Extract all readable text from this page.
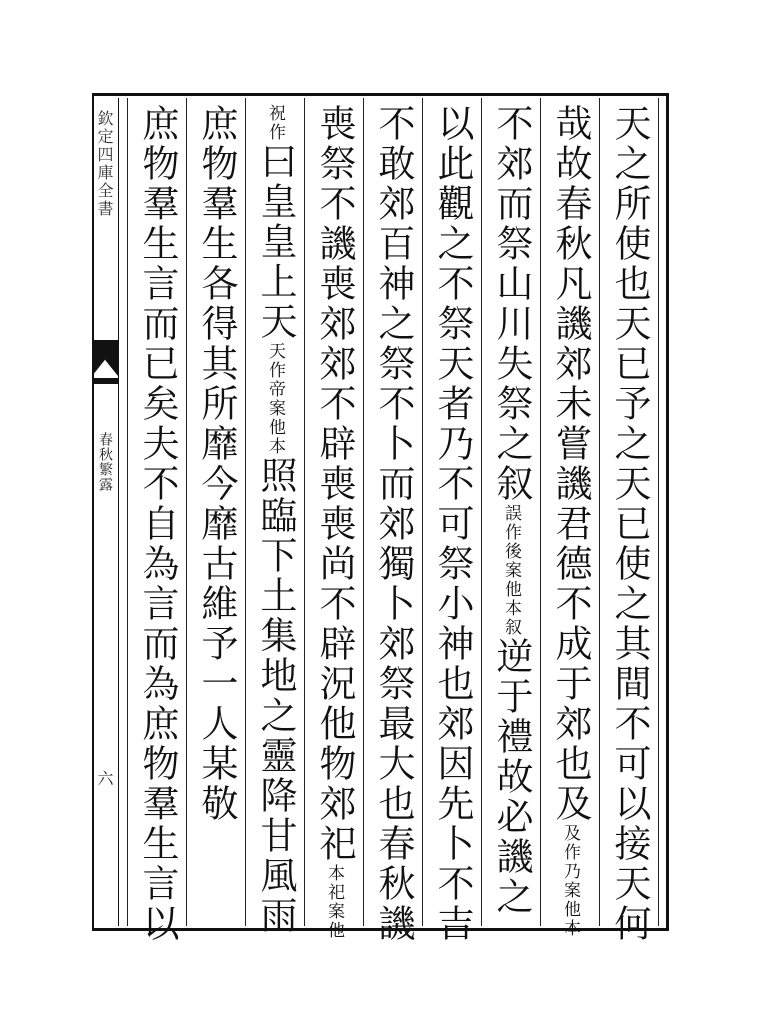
欽定四庫全書
春秋繁露
六	天之所使也天已予之天已使之其間不可以接天何
哉故春秋凡譏郊未嘗譏君德不成于郊也及
案他本
及作乃
不郊而祭山川失祭之叙
案他本叙
誤作後
逆于禮故必譏之
以此觀之不祭天者乃不可祭小神也郊因先卜不吉
不敢郊百神之祭不卜而郊獨卜郊祭最大也春秋譏
喪祭不譏喪郊郊不辟喪喪尚不辟況他物郊祀
案他
本祀
作
祝
曰皇皇上天
案他本
天作帝
照臨下土集地之靈降甘風雨
庶物羣生各得其所靡今靡古維予一人某敬
庶物羣生言而已矣夫不自為言而為庶物羣生言以
